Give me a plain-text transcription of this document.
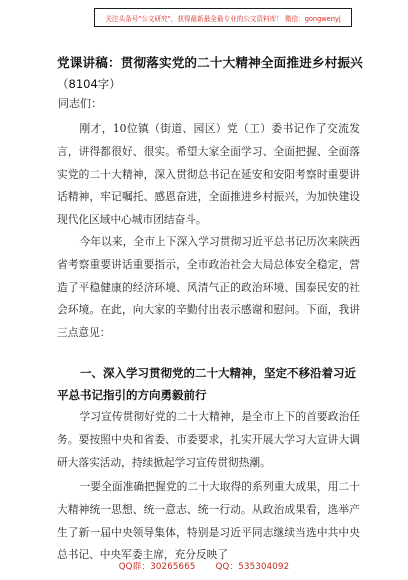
关注头条号"公文研究"，获得最新最全最专业的公文资料库！ 微信：gongwenyj
党课讲稿：贯彻落实党的二十大精神全面推进乡村振兴
（8104字）
同志们：

刚才，10位镇（街道、园区）党（工）委书记作了交流发言，讲得都很好、很实。希望大家全面学习、全面把握、全面落实党的二十大精神，深入贯彻总书记在延安和安阳考察时重要讲话精神，牢记嘱托、感恩奋进，全面推进乡村振兴，为加快建设现代化区域中心城市团结奋斗。

今年以来，全市上下深入学习贯彻习近平总书记历次来陕西省考察重要讲话重要指示，全市政治社会大局总体安全稳定，营造了平稳健康的经济环境、风清气正的政治环境、国泰民安的社会环境。在此，向大家的辛勤付出表示感谢和慰问。下面，我讲三点意见：

一、深入学习贯彻党的二十大精神，坚定不移沿着习近平总书记指引的方向勇毅前行

学习宣传贯彻好党的二十大精神，是全市上下的首要政治任务。要按照中央和省委、市委要求，扎实开展大学习大宣讲大调研大落实活动，持续掀起学习宣传贯彻热潮。

一要全面准确把握党的二十大取得的系列重大成果，用二十大精神统一思想、统一意志、统一行动。从政治成果看，选举产生了新一届中央领导集体，特别是习近平同志继续当选中共中央总书记、中央军委主席，充分反映了

QQ群：30265665 QQ：535304092
